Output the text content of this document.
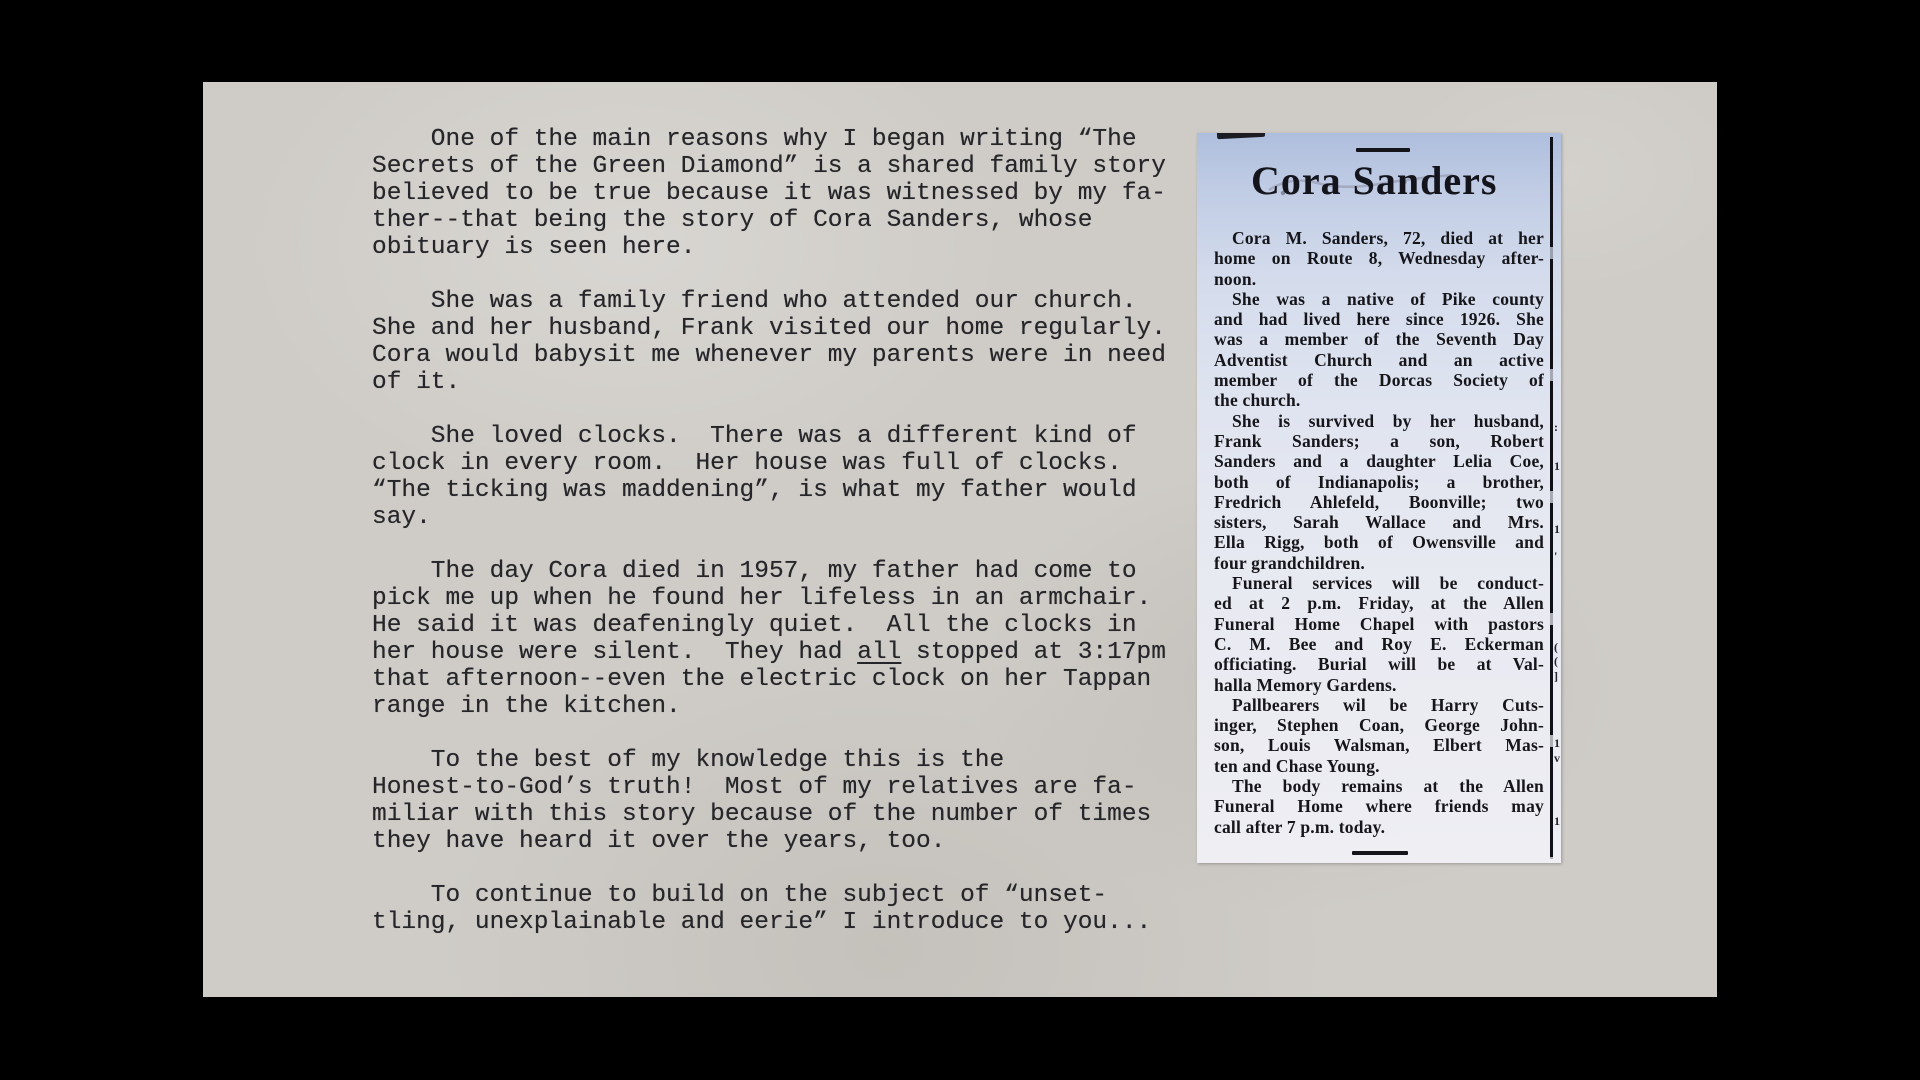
One of the main reasons why I began writing “The
Secrets of the Green Diamond” is a shared family story
believed to be true because it was witnessed by my fa-
ther--that being the story of Cora Sanders, whose
obituary is seen here.
She was a family friend who attended our church.
She and her husband, Frank visited our home regularly.
Cora would babysit me whenever my parents were in need
of it.
She loved clocks.  There was a different kind of
clock in every room.  Her house was full of clocks.
“The ticking was maddening”, is what my father would
say.
The day Cora died in 1957, my father had come to
pick me up when he found her lifeless in an armchair.
He said it was deafeningly quiet.  All the clocks in
her house were silent.  They had all stopped at 3:17pm
that afternoon--even the electric clock on her Tappan
range in the kitchen.
To the best of my knowledge this is the
Honest-to-God’s truth!  Most of my relatives are fa-
miliar with this story because of the number of times
they have heard it over the years, too.
To continue to build on the subject of “unset-
tling, unexplainable and eerie” I introduce to you...
Cora Sanders
Cora M. Sanders, 72, died at her
home on Route 8, Wednesday after-
noon.
She was a native of Pike county
and had lived here since 1926. She
was a member of the Seventh Day
Adventist Church and an active
member of the Dorcas Society of
the church.
She is survived by her husband,
Frank Sanders; a son, Robert
Sanders and a daughter Lelia Coe,
both of Indianapolis; a brother,
Fredrich Ahlefeld, Boonville; two
sisters, Sarah Wallace and Mrs.
Ella Rigg, both of Owensville and
four grandchildren.
Funeral services will be conduct-
ed at 2 p.m. Friday, at the Allen
Funeral Home Chapel with pastors
C. M. Bee and Roy E. Eckerman
officiating. Burial will be at Val-
halla Memory Gardens.
Pallbearers wil be Harry Cuts-
inger, Stephen Coan, George John-
son, Louis Walsman, Elbert Mas-
ten and Chase Young.
The body remains at the Allen
Funeral Home where friends may
call after 7 p.m. today.
:
1
1
'
(
(
]
1
v
1
